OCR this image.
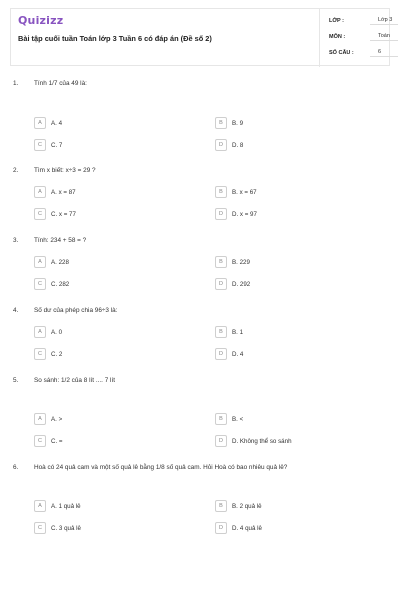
Quizizz
Bài tập cuối tuần Toán lớp 3 Tuần 6 có đáp án (Đề số 2)
LỚP :	Lớp 3
MÔN :	Toán
SỐ CÂU :	6
1. Tính 1/7 của 49 là:
A	A. 4	B	B. 9
C	C. 7	D	D. 8
2. Tìm x biết: x÷3 = 29 ?
A	A. x = 87	B	B. x = 67
C	C. x = 77	D	D. x = 97
3. Tính: 234 + 58 = ?
A	A. 228	B	B. 229
C	C. 282	D	D. 292
4. Số dư của phép chia 96÷3 là:
A	A. 0	B	B. 1
C	C. 2	D	D. 4
5. So sánh: 1/2 của 8 lít .... 7 lít
A	A. >	B	B. <
C	C. =	D	D. Không thể so sánh
6. Hoà có 24 quả cam và một số quả lê bằng 1/8 số quả cam. Hỏi Hoà có bao nhiêu quả lê?
A	A. 1 quả lê	B	B. 2 quả lê
C	C. 3 quả lê	D	D. 4 quả lê
